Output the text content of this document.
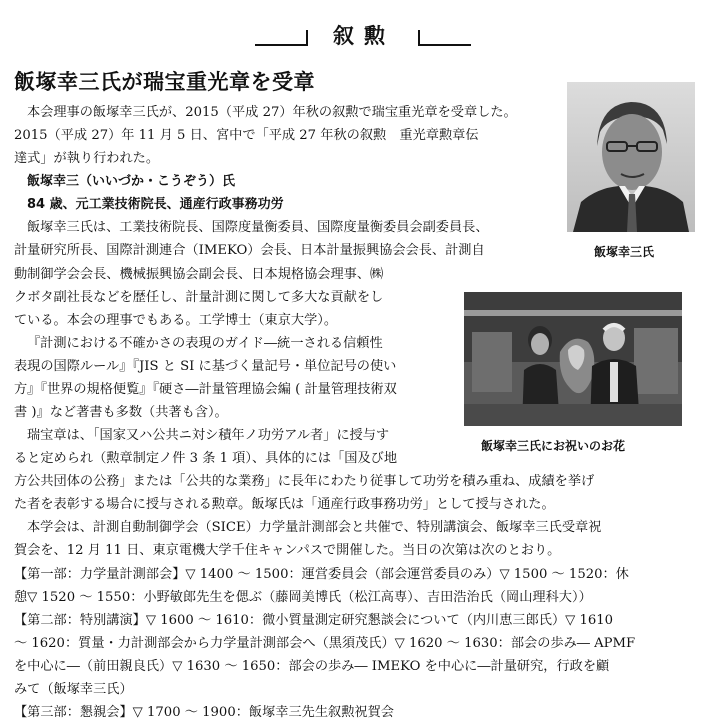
叙勲
飯塚幸三氏が瑞宝重光章を受章
飯塚幸三氏
飯塚幸三氏にお祝いのお花

本会理事の飯塚幸三氏が、2015（平成 27）年秋の叙勲で瑞宝重光章を受章した。

2015（平成 27）年 11 月 5 日、宮中で「平成 27 年秋の叙勲　重光章勲章伝

達式」が執り行われた。

飯塚幸三（いいづか・こうぞう）氏

84 歳、元工業技術院長、通産行政事務功労

飯塚幸三氏は、工業技術院長、国際度量衡委員、国際度量衡委員会副委員長、

計量研究所長、国際計測連合（IMEKO）会長、日本計量振興協会会長、計測自

動制御学会会長、機械振興協会副会長、日本規格協会理事、㈱

クボタ副社長などを歴任し、計量計測に関して多大な貢献をし

ている。本会の理事でもある。工学博士（東京大学）。

『計測における不確かさの表現のガイド―統一される信頼性

表現の国際ルール』『JIS と SI に基づく量記号・単位記号の使い

方』『世界の規格便覧』『硬さ―計量管理協会編 ( 計量管理技術双

書 )』など著書も多数（共著も含）。

瑞宝章は、「国家又ハ公共ニ対シ積年ノ功労アル者」に授与す

ると定められ（勲章制定ノ件 3 条 1 項）、具体的には「国及び地

方公共団体の公務」または「公共的な業務」に長年にわたり従事して功労を積み重ね、成績を挙げ

た者を表彰する場合に授与される勲章。飯塚氏は「通産行政事務功労」として授与された。

本学会は、計測自動制御学会（SICE）力学量計測部会と共催で、特別講演会、飯塚幸三氏受章祝

賀会を、12 月 11 日、東京電機大学千住キャンパスで開催した。当日の次第は次のとおり。

【第一部：力学量計測部会】▽ 1400 ～ 1500：運営委員会（部会運営委員のみ）▽ 1500 ～ 1520：休

憩▽ 1520 ～ 1550：小野敏郎先生を偲ぶ（藤岡美博氏（松江高専）、吉田浩治氏（岡山理科大））

【第二部：特別講演】▽ 1600 ～ 1610：微小質量測定研究懇談会について（内川恵三郎氏）▽ 1610

～ 1620：質量・力計測部会から力学量計測部会へ（黒須茂氏）▽ 1620 ～ 1630：部会の歩み― APMF

を中心に―（前田親良氏）▽ 1630 ～ 1650：部会の歩み― IMEKO を中心に―計量研究，行政を顧

みて（飯塚幸三氏）

【第三部：懇親会】▽ 1700 ～ 1900：飯塚幸三先生叙勲祝賀会
